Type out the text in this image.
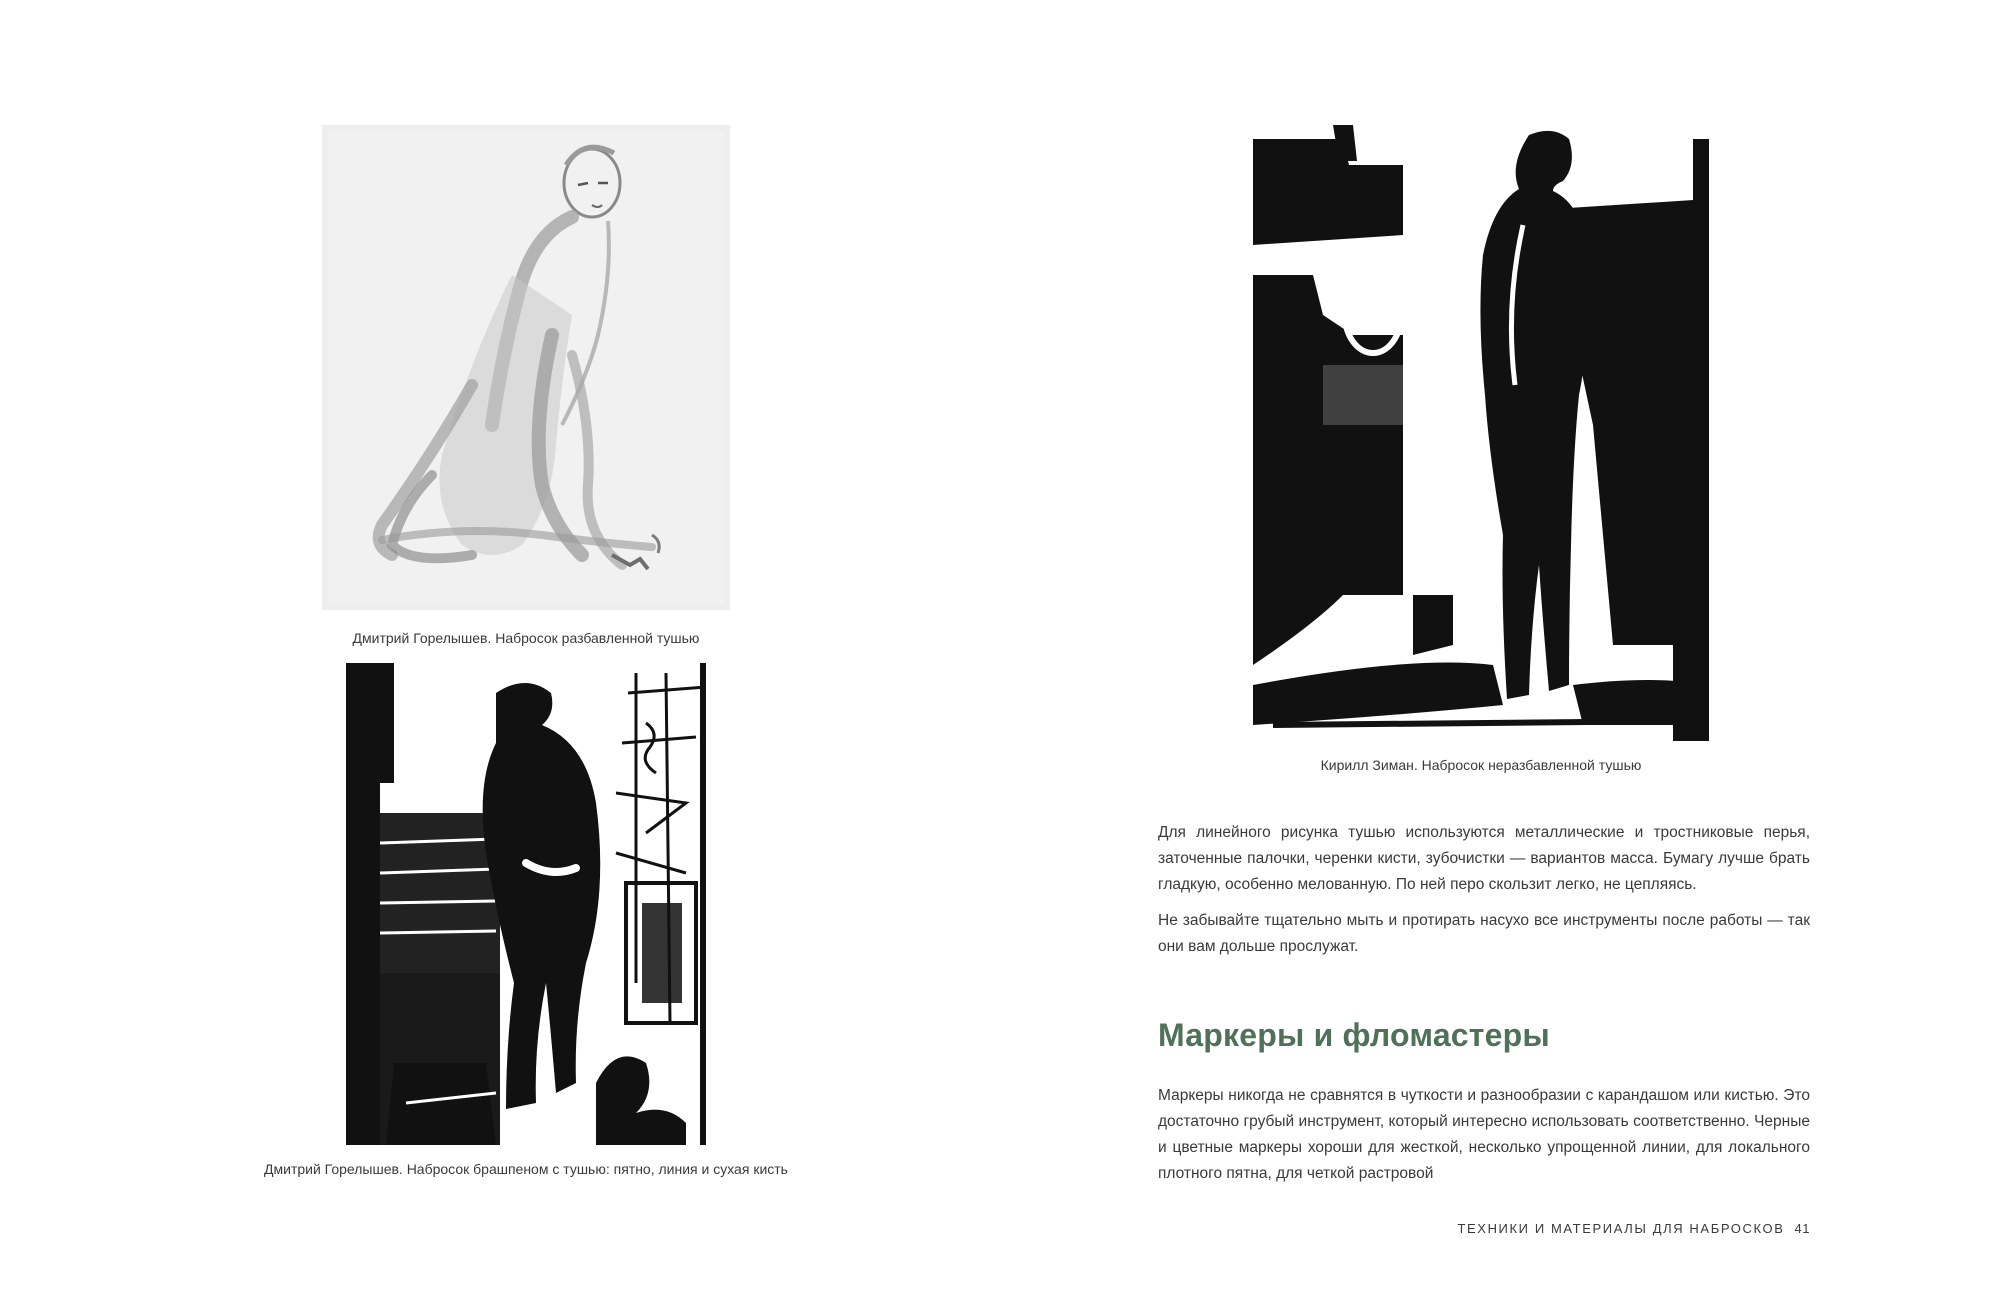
Дмитрий Горелышев. Набросок разбавленной тушью
Дмитрий Горелышев. Набросок брашпеном с тушью: пятно, линия и сухая кисть
Кирилл Зиман. Набросок неразбавленной тушью

Для линейного рисунка тушью используются металлические и тростниковые перья, заточенные палочки, черенки кисти, зубочистки — вариантов масса. Бумагу лучше брать гладкую, особенно мелованную. По ней перо скользит легко, не цепляясь.

Не забывайте тщательно мыть и протирать насухо все инструменты после работы — так они вам дольше прослужат.

Маркеры и фломастеры

Маркеры никогда не сравнятся в чуткости и разнообразии с карандашом или кистью. Это достаточно грубый инструмент, который интересно использовать соответственно. Черные и цветные маркеры хороши для жесткой, несколько упрощенной линии, для локального плотного пятна, для четкой растровой

ТЕХНИКИ И МАТЕРИАЛЫ ДЛЯ НАБРОСКОВ 41
